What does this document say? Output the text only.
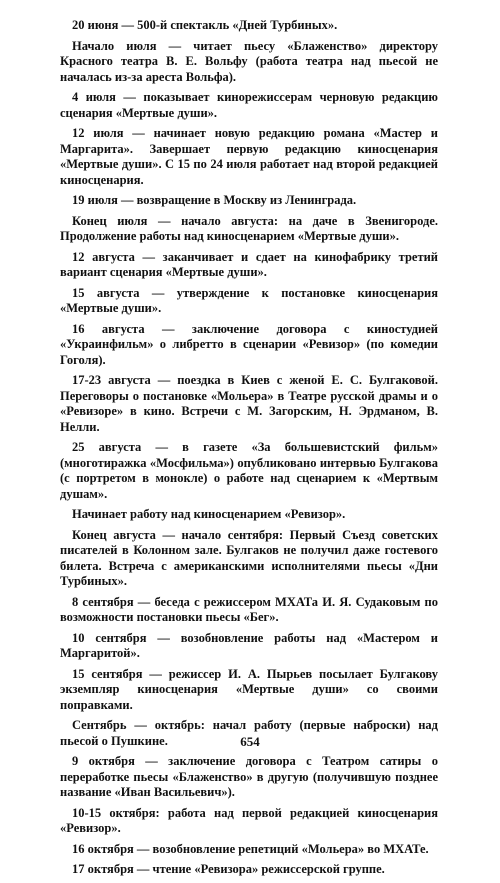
20 июня — 500-й спектакль «Дней Турбиных».

Начало июля — читает пьесу «Блаженство» директору Красного театра В. Е. Вольфу (работа театра над пьесой не началась из-за ареста Вольфа).

4 июля — показывает кинорежиссерам черновую редакцию сценария «Мертвые души».

12 июля — начинает новую редакцию романа «Мастер и Маргарита». Завершает первую редакцию киносценария «Мертвые души». С 15 по 24 июля работает над второй редакцией киносценария.

19 июля — возвращение в Москву из Ленинграда.

Конец июля — начало августа: на даче в Звенигороде. Продолжение работы над киносценарием «Мертвые души».

12 августа — заканчивает и сдает на кинофабрику третий вариант сценария «Мертвые души».

15 августа — утверждение к постановке киносценария «Мертвые души».

16 августа — заключение договора с киностудией «Украинфильм» о либретто в сценарии «Ревизор» (по комедии Гоголя).

17-23 августа — поездка в Киев с женой Е. С. Булгаковой. Переговоры о постановке «Мольера» в Театре русской драмы и о «Ревизоре» в кино. Встречи с М. Загорским, Н. Эрдманом, В. Нелли.

25 августа — в газете «За большевистский фильм» (многотиражка «Мосфильма») опубликовано интервью Булгакова (с портретом в монокле) о работе над сценарием к «Мертвым душам».

Начинает работу над киносценарием «Ревизор».

Конец августа — начало сентября: Первый Съезд советских писателей в Колонном зале. Булгаков не получил даже гостевого билета. Встреча с американскими исполнителями пьесы «Дни Турбиных».

8 сентября — беседа с режиссером МХАТа И. Я. Судаковым по возможности постановки пьесы «Бег».

10 сентября — возобновление работы над «Мастером и Маргаритой».

15 сентября — режиссер И. А. Пырьев посылает Булгакову экземпляр киносценария «Мертвые души» со своими поправками.

Сентябрь — октябрь: начал работу (первые наброски) над пьесой о Пушкине.

9 октября — заключение договора с Театром сатиры о переработке пьесы «Блаженство» в другую (получившую позднее название «Иван Васильевич»).

10-15 октября: работа над первой редакцией киносценария «Ревизор».

16 октября — возобновление репетиций «Мольера» во МХАТе.

17 октября — чтение «Ревизора» режиссерской группе.

654
